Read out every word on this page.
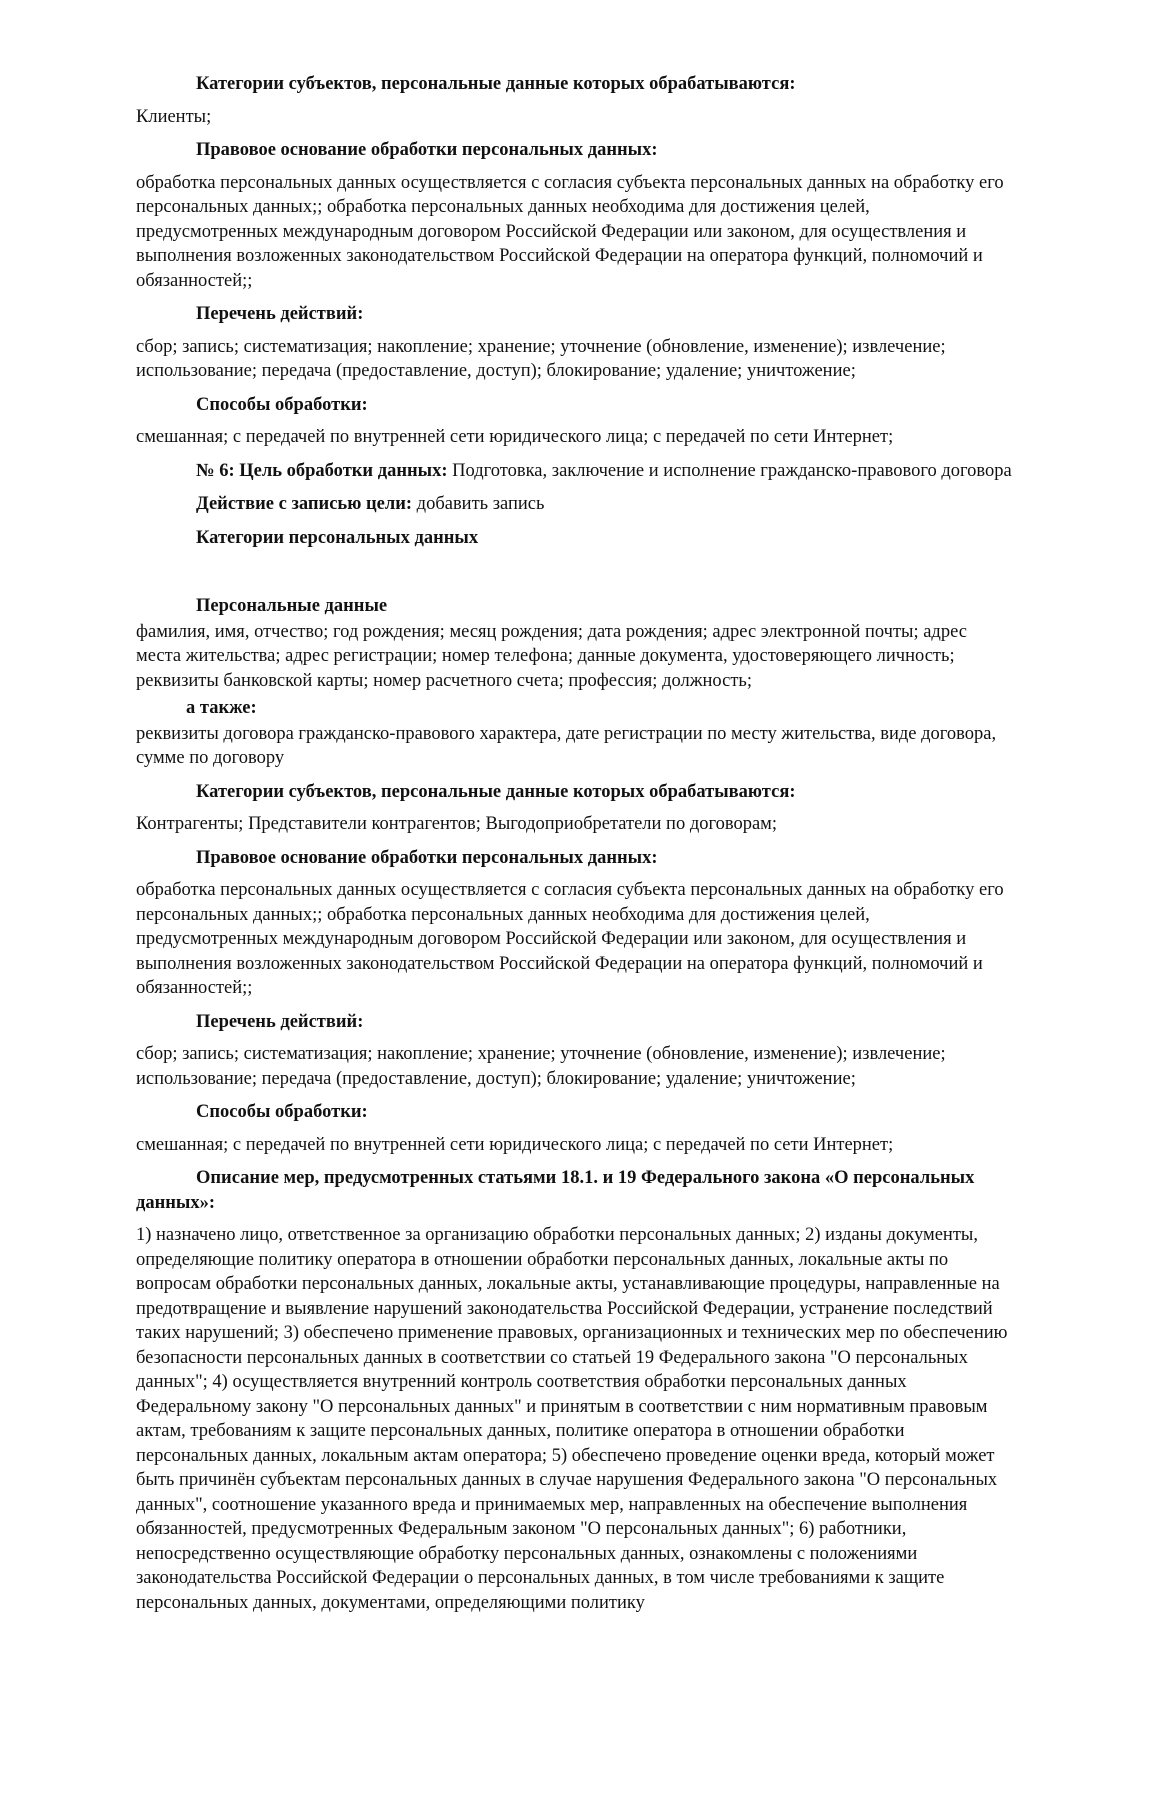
Категории субъектов, персональные данные которых обрабатываются:

Клиенты;

Правовое основание обработки персональных данных:

обработка персональных данных осуществляется с согласия субъекта персональных данных на обработку его персональных данных;; обработка персональных данных необходима для достижения целей, предусмотренных международным договором Российской Федерации или законом, для осуществления и выполнения возложенных законодательством Российской Федерации на оператора функций, полномочий и обязанностей;;

Перечень действий:

сбор; запись; систематизация; накопление; хранение; уточнение (обновление, изменение); извлечение; использование; передача (предоставление, доступ); блокирование; удаление; уничтожение;

Способы обработки:

смешанная; с передачей по внутренней сети юридического лица; с передачей по сети Интернет;

№ 6: Цель обработки данных: Подготовка, заключение и исполнение гражданско-правового договора

Действие с записью цели: добавить запись

Категории персональных данных

Персональные данные

фамилия, имя, отчество; год рождения; месяц рождения; дата рождения; адрес электронной почты; адрес места жительства; адрес регистрации; номер телефона; данные документа, удостоверяющего личность; реквизиты банковской карты; номер расчетного счета; профессия; должность;

а также:

реквизиты договора гражданско-правового характера, дате регистрации по месту жительства, виде договора, сумме по договору

Категории субъектов, персональные данные которых обрабатываются:

Контрагенты; Представители контрагентов; Выгодоприобретатели по договорам;

Правовое основание обработки персональных данных:

обработка персональных данных осуществляется с согласия субъекта персональных данных на обработку его персональных данных;; обработка персональных данных необходима для достижения целей, предусмотренных международным договором Российской Федерации или законом, для осуществления и выполнения возложенных законодательством Российской Федерации на оператора функций, полномочий и обязанностей;;

Перечень действий:

сбор; запись; систематизация; накопление; хранение; уточнение (обновление, изменение); извлечение; использование; передача (предоставление, доступ); блокирование; удаление; уничтожение;

Способы обработки:

смешанная; с передачей по внутренней сети юридического лица; с передачей по сети Интернет;

Описание мер, предусмотренных статьями 18.1. и 19 Федерального закона «О персональных данных»:

1) назначено лицо, ответственное за организацию обработки персональных данных; 2) изданы документы, определяющие политику оператора в отношении обработки персональных данных, локальные акты по вопросам обработки персональных данных, локальные акты, устанавливающие процедуры, направленные на предотвращение и выявление нарушений законодательства Российской Федерации, устранение последствий таких нарушений; 3) обеспечено применение правовых, организационных и технических мер по обеспечению безопасности персональных данных в соответствии со статьей 19 Федерального закона "О персональных данных"; 4) осуществляется внутренний контроль соответствия обработки персональных данных Федеральному закону "О персональных данных" и принятым в соответствии с ним нормативным правовым актам, требованиям к защите персональных данных, политике оператора в отношении обработки персональных данных, локальным актам оператора; 5) обеспечено проведение оценки вреда, который может быть причинён субъектам персональных данных в случае нарушения Федерального закона "О персональных данных", соотношение указанного вреда и принимаемых мер, направленных на обеспечение выполнения обязанностей, предусмотренных Федеральным законом "О персональных данных"; 6) работники, непосредственно осуществляющие обработку персональных данных, ознакомлены с положениями законодательства Российской Федерации о персональных данных, в том числе требованиями к защите персональных данных, документами, определяющими политику
